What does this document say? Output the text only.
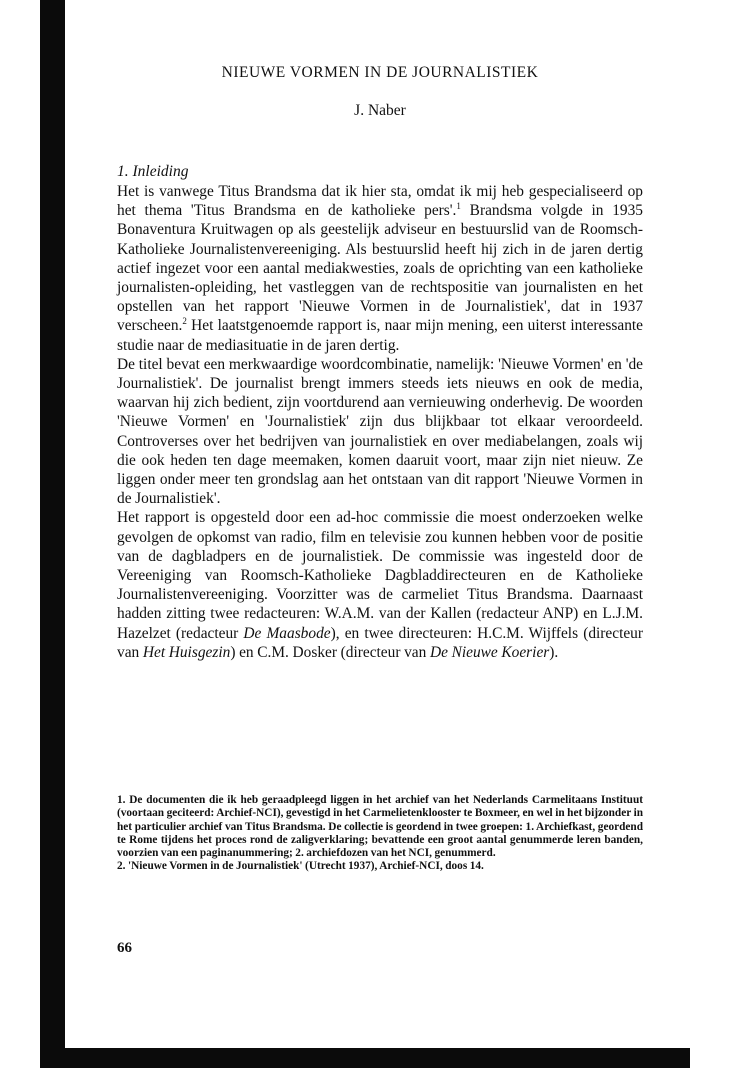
NIEUWE VORMEN IN DE JOURNALISTIEK
J. Naber
1. Inleiding

Het is vanwege Titus Brandsma dat ik hier sta, omdat ik mij heb gespecialiseerd op het thema 'Titus Brandsma en de katholieke pers'.$^1$ Brandsma volgde in 1935 Bonaventura Kruitwagen op als geestelijk adviseur en bestuurslid van de Roomsch-Katholieke Journalistenvereeniging. Als bestuurslid heeft hij zich in de jaren dertig actief ingezet voor een aantal mediakwesties, zoals de oprichting van een katholieke journalisten-opleiding, het vastleggen van de rechtspositie van journalisten en het opstellen van het rapport 'Nieuwe Vormen in de Journalistiek', dat in 1937 verscheen.$^2$ Het laatstgenoemde rapport is, naar mijn mening, een uiterst interessante studie naar de mediasituatie in de jaren dertig.

De titel bevat een merkwaardige woordcombinatie, namelijk: 'Nieuwe Vormen' en 'de Journalistiek'. De journalist brengt immers steeds iets nieuws en ook de media, waarvan hij zich bedient, zijn voortdurend aan vernieuwing onderhevig. De woorden 'Nieuwe Vormen' en 'Journalistiek' zijn dus blijkbaar tot elkaar veroordeeld. Controverses over het bedrijven van journalistiek en over mediabelangen, zoals wij die ook heden ten dage meemaken, komen daaruit voort, maar zijn niet nieuw. Ze liggen onder meer ten grondslag aan het ontstaan van dit rapport 'Nieuwe Vormen in de Journalistiek'.

Het rapport is opgesteld door een ad-hoc commissie die moest onderzoeken welke gevolgen de opkomst van radio, film en televisie zou kunnen hebben voor de positie van de dagbladpers en de journalistiek. De commissie was ingesteld door de Vereeniging van Roomsch-Katholieke Dagbladdirecteuren en de Katholieke Journalistenvereeniging. Voorzitter was de carmeliet Titus Brandsma. Daarnaast hadden zitting twee redacteuren: W.A.M. van der Kallen (redacteur ANP) en L.J.M. Hazelzet (redacteur De Maasbode), en twee directeuren: H.C.M. Wijffels (directeur van Het Huisgezin) en C.M. Dosker (directeur van De Nieuwe Koerier).

1. De documenten die ik heb geraadpleegd liggen in het archief van het Nederlands Carmelitaans Instituut (voortaan geciteerd: Archief-NCI), gevestigd in het Carmelietenklooster te Boxmeer, en wel in het bijzonder in het particulier archief van Titus Brandsma. De collectie is geordend in twee groepen: 1. Archiefkast, geordend te Rome tijdens het proces rond de zaligverklaring; bevattende een groot aantal genummerde leren banden, voorzien van een paginanummering; 2. archiefdozen van het NCI, genummerd.

2. 'Nieuwe Vormen in de Journalistiek' (Utrecht 1937), Archief-NCI, doos 14.

66
